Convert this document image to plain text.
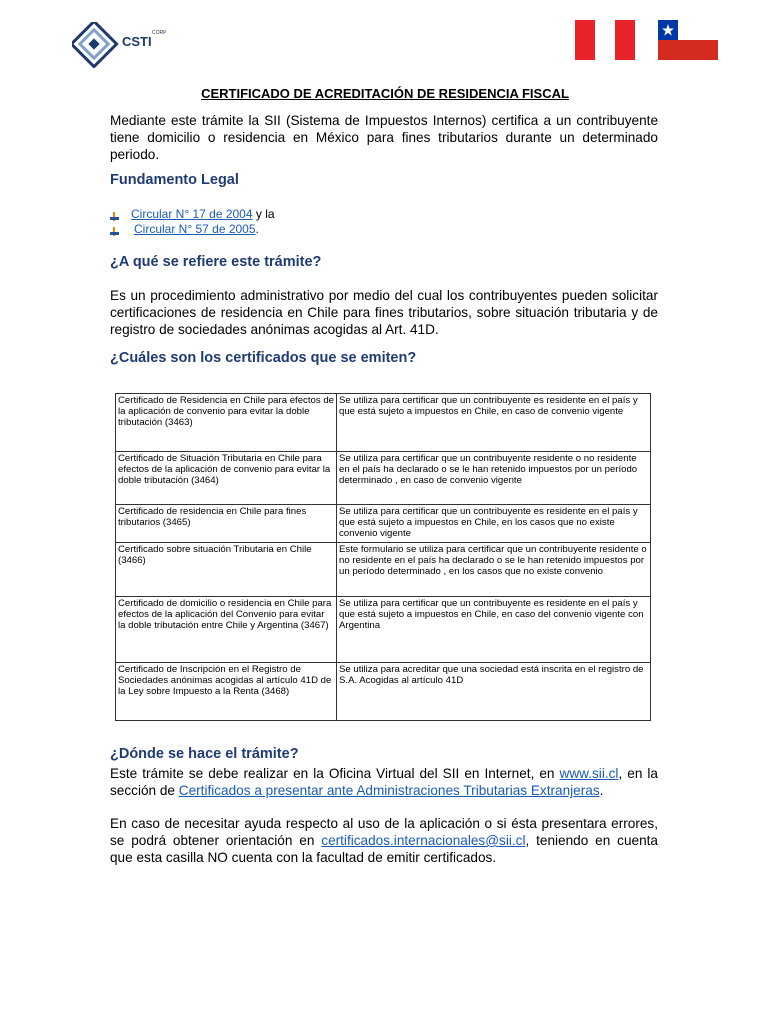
CSTI
CORP
CERTIFICADO DE ACREDITACIÓN DE RESIDENCIA FISCAL
Mediante este trámite la SII (Sistema de Impuestos Internos) certifica a un contribuyente tiene domicilio o residencia en México para fines tributarios durante un determinado periodo.
Fundamento Legal
Circular N° 17 de 2004 y la
Circular N° 57 de 2005.
¿A qué se refiere este trámite?
Es un procedimiento administrativo por medio del cual los contribuyentes pueden solicitar certificaciones de residencia en Chile para fines tributarios, sobre situación tributaria y de registro de sociedades anónimas acogidas al Art. 41D.
¿Cuáles son los certificados que se emiten?
Certificado de Residencia en Chile para efectos de la aplicación de convenio para evitar la doble tributación (3463)	Se utiliza para certificar que un contribuyente es residente en el país y que está sujeto a impuestos en Chile, en caso de convenio vigente
Certificado de Situación Tributaria en Chile para efectos de la aplicación de convenio para evitar la doble tributación (3464)	Se utiliza para certificar que un contribuyente residente o no residente en el país ha declarado o se le han retenido impuestos por un período determinado , en caso de convenio vigente
Certificado de residencia en Chile para fines tributarios (3465)	Se utiliza para certificar que un contribuyente es residente en el país y que está sujeto a impuestos en Chile, en los casos que no existe convenio vigente
Certificado sobre situación Tributaria en Chile (3466)	Este formulario se utiliza para certificar que un contribuyente residente o no residente en el país ha declarado o se le han retenido impuestos por un período determinado , en los casos que no existe convenio
Certificado de domicilio o residencia en Chile para efectos de la aplicación del Convenio para evitar la doble tributación entre Chile y Argentina (3467)	Se utiliza para certificar que un contribuyente es residente en el país y que está sujeto a impuestos en Chile, en caso del convenio vigente con Argentina
Certificado de Inscripción en el Registro de Sociedades anónimas acogidas al artículo 41D de la Ley sobre Impuesto a la Renta (3468)	Se utiliza para acreditar que una sociedad está inscrita en el registro de S.A. Acogidas al artículo 41D
¿Dónde se hace el trámite?
Este trámite se debe realizar en la Oficina Virtual del SII en Internet, en www.sii.cl, en la sección de Certificados a presentar ante Administraciones Tributarias Extranjeras.
En caso de necesitar ayuda respecto al uso de la aplicación o si ésta presentara errores, se podrá obtener orientación en certificados.internacionales@sii.cl, teniendo en cuenta que esta casilla NO cuenta con la facultad de emitir certificados.
